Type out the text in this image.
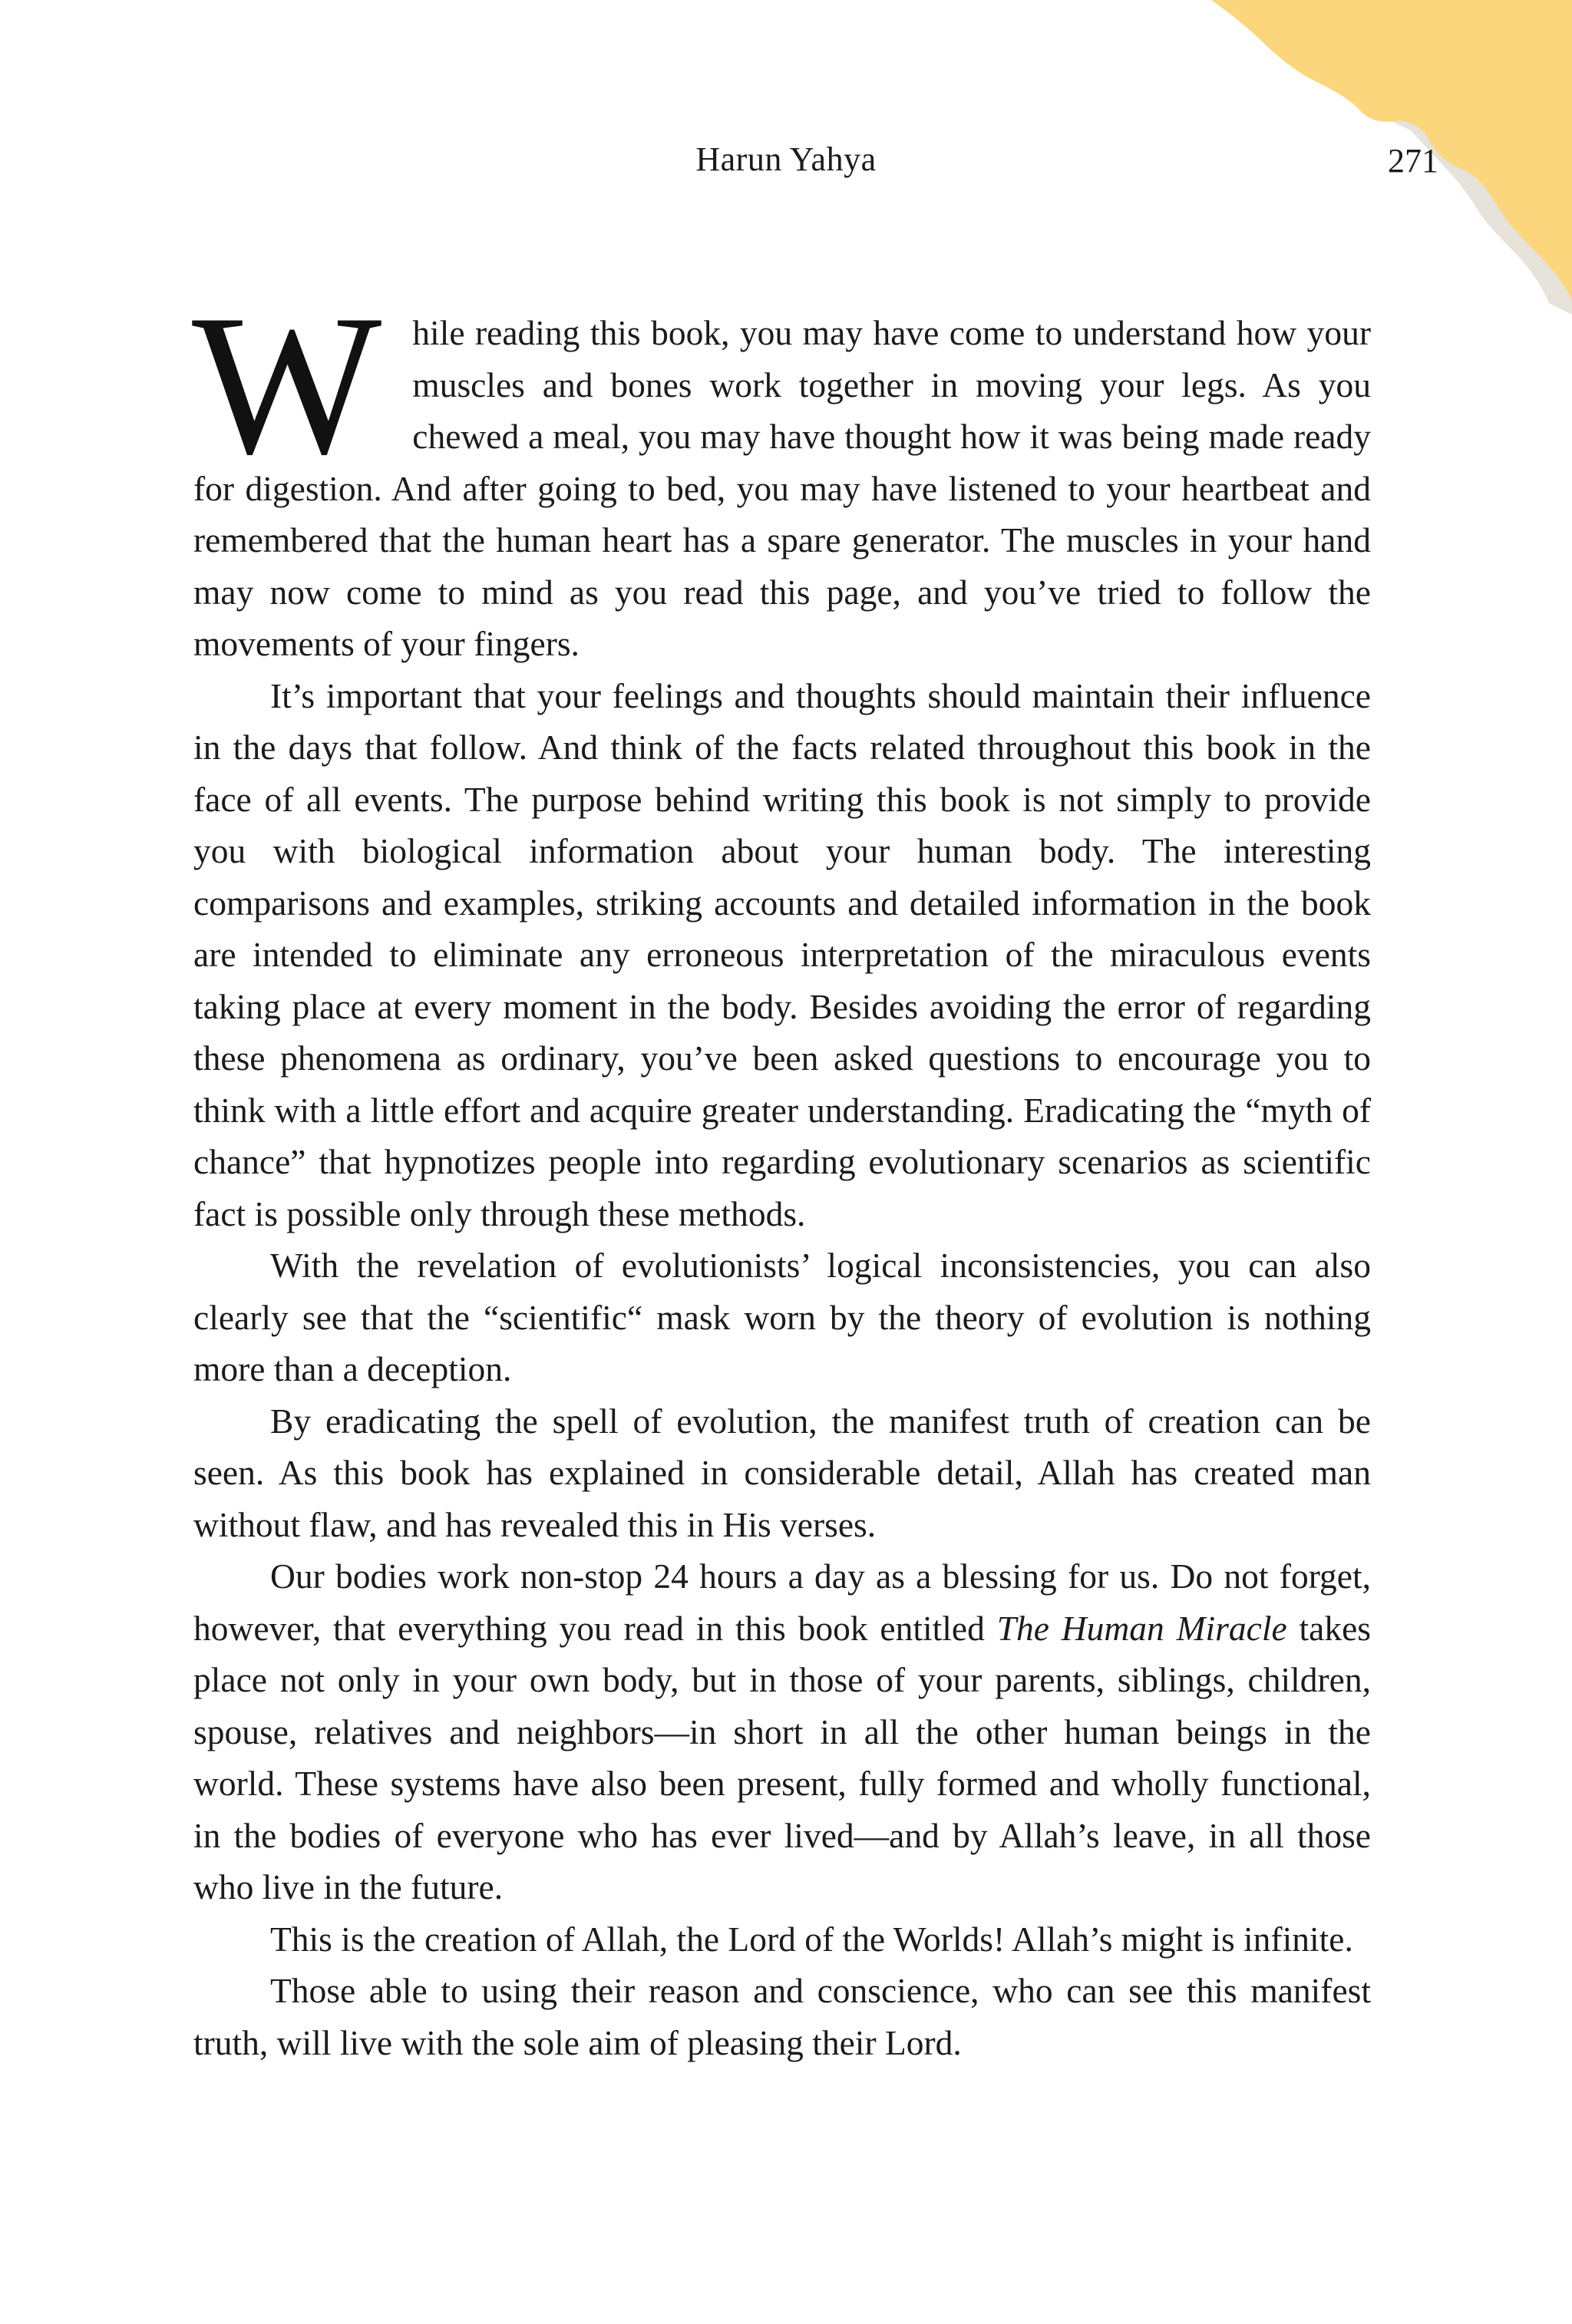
Harun Yahya	271

While reading this book, you may have come to understand how your muscles and bones work together in moving your legs. As you chewed a meal, you may have thought how it was being made ready for digestion. And after going to bed, you may have listened to your heartbeat and remembered that the human heart has a spare generator. The muscles in your hand may now come to mind as you read this page, and you’ve tried to follow the movements of your fingers.

It’s important that your feelings and thoughts should maintain their influence in the days that follow. And think of the facts related throughout this book in the face of all events. The purpose behind writing this book is not simply to provide you with biological information about your human body. The interesting comparisons and examples, striking accounts and detailed information in the book are intended to eliminate any erroneous interpretation of the miraculous events taking place at every moment in the body. Besides avoiding the error of regarding these phenomena as ordinary, you’ve been asked questions to encourage you to think with a little effort and acquire greater understanding. Eradicating the “myth of chance” that hypnotizes people into regarding evolutionary scenarios as scientific fact is possible only through these methods.

With the revelation of evolutionists’ logical inconsistencies, you can also clearly see that the “scientific“ mask worn by the theory of evolution is nothing more than a deception.

By eradicating the spell of evolution, the manifest truth of creation can be seen. As this book has explained in considerable detail, Allah has created man without flaw, and has revealed this in His verses.

Our bodies work non-stop 24 hours a day as a blessing for us. Do not forget, however, that everything you read in this book entitled The Human Miracle takes place not only in your own body, but in those of your parents, siblings, children, spouse, relatives and neighbors—in short in all the other human beings in the world. These systems have also been present, fully formed and wholly functional, in the bodies of everyone who has ever lived—and by Allah’s leave, in all those who live in the future.

This is the creation of Allah, the Lord of the Worlds! Allah’s might is infinite.

Those able to using their reason and conscience, who can see this manifest truth, will live with the sole aim of pleasing their Lord.
